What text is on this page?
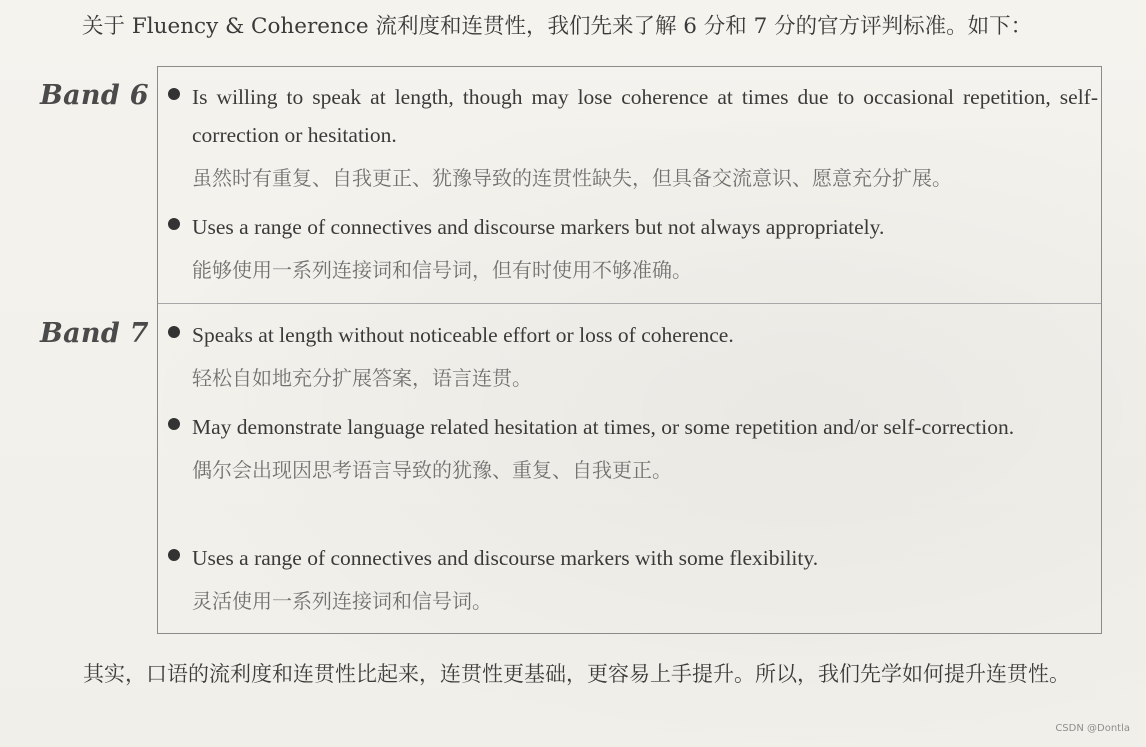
关于 Fluency & Coherence 流利度和连贯性，我们先来了解 6 分和 7 分的官方评判标准。如下：
Band 6 Is willing to speak at length, though may lose coherence at times due to occasional repetition, self-correction or hesitation.
虽然时有重复、自我更正、犹豫导致的连贯性缺失，但具备交流意识、愿意充分扩展。
Uses a range of connectives and discourse markers but not always appropriately.
能够使用一系列连接词和信号词，但有时使用不够准确。
Band 7 Speaks at length without noticeable effort or loss of coherence.
轻松自如地充分扩展答案，语言连贯。
May demonstrate language related hesitation at times, or some repetition and/or self-correction.
偶尔会出现因思考语言导致的犹豫、重复、自我更正。
Uses a range of connectives and discourse markers with some flexibility.
灵活使用一系列连接词和信号词。
其实，口语的流利度和连贯性比起来，连贯性更基础，更容易上手提升。所以，我们先学如何提升连贯性。
CSDN @Dontla
